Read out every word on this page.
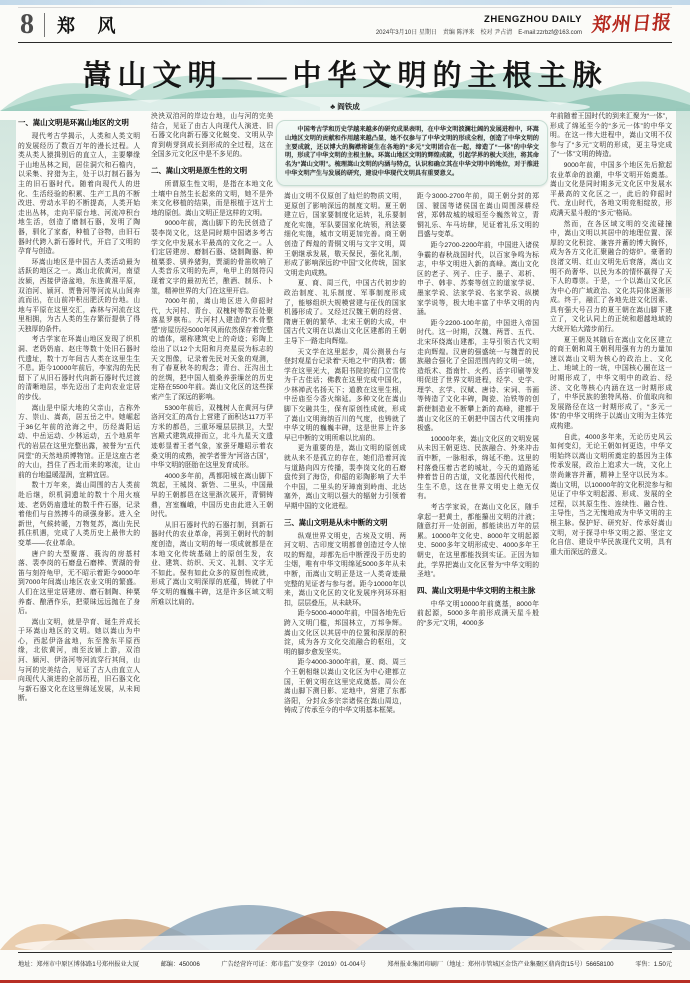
8	郑 风	ZHENGZHOU DAILY
2024年3月10日 星期日　责编 陈泽来　校对 尹占清　E-mail:zzrbzf@163.com 郑州日报
嵩山文明——中华文明的主根主脉
♣ 阎铁成

中国考古学和历史学越来越多的研究成果表明，在中华文明波澜壮阔的发展进程中，环嵩山地区文明的贡献和作用越来越凸显，她不仅参与了中华文明的形成全程，创造了中华文明的主要成就，还以博大的胸襟将诞生在各地的“多元”文明团合在一起，缔造了“一体”的中华文明，形成了中华文明的主根主脉。环嵩山地区文明的辉煌成就，引起学界的极大关注，将其命名为“嵩山文明”。梳理嵩山文明的内涵与特点，认识和确立其在中华文明中的地位，对于推进中华文明产生与发展的研究，建设中华现代文明具有重要意义。

一、嵩山文明是环嵩山地区的文明

现代考古学揭示，人类和人类文明的发展经历了数百万年的漫长过程。人类从类人猿揖别后的直立人，主要攀缘于山地丛林之间，居住洞穴和石檐内，以采集、狩猎为主，处于以打制石器为主的旧石器时代。随着向现代人的进化、生活经验的积累、生产工具的不断改进、劳动水平的不断提高，人类开始走出丛林，走向平原台地、河流冲积台地生活，创造了磨制石器，发明了陶器，驯化了家畜，种植了谷物，由旧石器时代跨入新石器时代，开启了文明的孕育与创造。

环嵩山地区是中国古人类活动最为活跃的地区之一。嵩山北依黄河，南望汝颍，西接伊洛盆地，东连黄淮平原，双洎河、颍河、贾鲁河等河流从山间奔流而出，在山前冲积出肥沃的台地。山地与平原在这里交汇，森林与河流在这里相拥，为古人类的生存繁衍提供了得天独厚的条件。

考古学家在环嵩山地区发现了织机洞、老奶奶庙、赵庄等数十处旧石器时代遗址，数十万年间古人类在这里生生不息。距今10000年前后，李家沟的先民留下了从旧石器时代向新石器时代过渡的清晰地层，率先迈出了走向农业定居的步伐。

嵩山是中原大地的父亲山，古称外方、崇山、嵩高，居五岳之中。她崛起于36亿年前的沧海之中，历经嵩阳运动、中岳运动、少林运动，五个地质年代的岩层在这里完整出露，被誉为“五代同堂”的天然地质博物馆。正是这座古老的大山，挡住了西北而来的寒流，让山前的台地温暖湿润，宜耕宜居。

数十万年来，嵩山周围的古人类前赴后继，织机洞遗址的数十个用火痕迹、老奶奶庙遗址的数千件石器，记录着他们与自然搏斗的顽强身影。进入全新世，气候转暖，万物复苏，嵩山先民抓住机遇，完成了人类历史上最伟大的变革——农业革命。

唐户的大型聚落、莪沟的房基村落、裴李岗的石磨盘石磨棒、贾湖的骨笛与刻符龟甲，无不昭示着距今9000年到7000年间嵩山地区农业文明的繁盛。人们在这里定居建房、磨石制陶、种粟养畜、酿酒作乐，把蒙昧远远抛在了身后。

嵩山文明，就是孕育、诞生并成长于环嵩山地区的文明。她以嵩山为中心，西起伊洛盆地，东至豫东平原西缘，北依黄河，南至汝颍上游，双洎河、颍河、伊洛河等河流穿行其间，山与河的完美结合，见证了古人由直立人向现代人演进的全部历程，旧石器文化与新石器文化在这里绵延发展，从未间断。

泱泱双洎河的岸边台地，山与河的完美结合，见证了由古人向现代人演进、旧石器文化向新石器文化蜕变、文明从孕育到萌芽到成长到形成的全过程，这在全国多元文化区中是不多见的。

二、嵩山文明是原生性的文明

所谓原生性文明，是指在本地文化土壤中自然生长起来的文明，她不是外来文化移植的结果，而是根植于这片土地的原创。嵩山文明正是这样的文明。

9000年前，嵩山脚下的先民创造了裴李岗文化，这是同时期中国诸多考古学文化中发展水平最高的文化之一。人们定居建房、磨制石器、烧制陶器、种植粟黍、驯养猪狗，贾湖的骨笛吹响了人类音乐文明的先声，龟甲上的刻符闪现着文字的最初光芒，酿酒、制乐、卜筮，精神世界的大门在这里开启。

7000年前，嵩山地区进入仰韶时代，大河村、青台、双槐树等数百处聚落星罗棋布。大河村人建造的“木骨整塑”房屋历经5000年风雨依然保存着完整的墙体，堪称建筑史上的奇迹；彩陶上绘出了以12个太阳和月亮星辰为标志的天文图像，记录着先民对天象的观测，有了春夏秋冬的观念；青台、汪沟出土的丝绸，把中国人植桑养蚕缫丝的历史定格在5500年前。嵩山文化区的这些探索产生了深远的影响。

5300年前后，双槐树人在黄河与伊洛河交汇的高台上营建了面积达117万平方米的都邑，三重环壕层层拱卫，大型宫殿式建筑成排而立，北斗九星天文遗迹彰显着王者气象，家蚕牙雕昭示着农桑文明的成熟，被学者誉为“河洛古国”，中华文明的胚胎在这里发育成形。

4000多年前，禹都阳城在嵩山脚下筑起，王城岗、新砦、二里头，中国最早的王朝都邑在这里渐次展开，青铜铸鼎，宫室巍峨，中国历史由此进入王朝时代。

从旧石器时代的石器打制，到新石器时代的农业革命，再到王朝时代的制度创造，嵩山文明的每一项成就都是在本地文化传统基础上的原创生发，农业、建筑、纺织、天文、礼制、文字无不如此。保有如此众多的原创性成就，形成了嵩山文明深厚的底蕴，铸就了中华文明的巍巍丰碑，这是许多区域文明所难以比肩的。

嵩山文明不仅原创了灿烂的物质文明，更原创了影响深远的制度文明。夏王朝建立后，国家要制度化运转，礼乐要制度化实施，军队要国家化统领，刑法要细化实施，城市文明更加完善。商王朝创造了辉煌的青铜文明与文字文明，周王朝继承发展，敬天保民，强化礼制，形成了影响深远的“中国”文化传统，国家文明走向成熟。

夏、商、周三代，中国古代初步的政治制度、礼乐制度、军事制度形成了，能够组织大规模营建与征伐的国家机器形成了。又经过汉魏王朝的经营、隋唐王朝的繁华、北宋王朝的大成，中国古代文明在以嵩山文化区建都的王朝主导下一路走向辉煌。

天文学在这里起步，周公测景台与登封观星台记录着“天地之中”的执着；儒学在这里光大，嵩阳书院的程门立雪传为千古佳话；佛教在这里完成中国化，少林禅武名扬天下；道教在这里生根，中岳庙至今香火绵延。多种文化在嵩山脚下交融共生，保有原创性成就，形成了嵩山文明海纳百川的气度，也铸就了中华文明的巍巍丰碑，这是世界上许多早已中断的文明所难以比肩的。

更为重要的是，嵩山文明的原创成就从来不是孤立的存在，她们沿着河流与道路向四方传播，裴李岗文化的石磨盘传到了海岱，仰韶的彩陶影响了大半个中国，二里头的牙璋南到岭南、北达塞外，嵩山文明以强大的辐射力引领着早期中国的文化进程。

三、嵩山文明是从未中断的文明

纵观世界文明史，古埃及文明、两河文明、古印度文明都曾创造过令人惊叹的辉煌，却都先后中断湮没于历史的尘烟，唯有中华文明绵延5000多年从未中断，而嵩山文明正是这一人类奇迹最完整的见证者与参与者。距今10000年以来，嵩山文化区的文化发展序列环环相扣，层层叠压，从未缺环。

距今5000-4000年前，中国各地先后跨入文明门槛，邦国林立，万邦争辉。嵩山文化区以其居中的位置和深厚的积淀，成为各方文化交流融合的枢纽，文明的脚步愈发坚实。

距今4000-3000年前，夏、商、周三个王朝相继以嵩山文化区为中心建都立国，王朝文明在这里完成奠基。周公在嵩山脚下测日影、定地中，营建了东都洛阳，分封众多宗亲诸侯在嵩山周边，铸成了传承至今的中华文明基本框架。

距今3000-2700年前，周王朝分封的郑国、虢国等诸侯国在嵩山周围深耕经营，郑韩故城的城垣至今巍然耸立，青铜礼乐、车马坊肆，见证着礼乐文明的昌盛与变革。

距今2700-2200年前，中国进入诸侯争霸的春秋战国时代，以百家争鸣为标志，中华文明进入新的高峰。嵩山文化区的老子、列子、庄子、墨子、邓析、申子、韩非、苏秦等创立的道家学说、墨家学说、法家学说、名家学说、纵横家学说等，极大地丰富了中华文明的内涵。

距今2200-100年前，中国进入帝国时代。这一时期，汉魏、两晋、五代、北宋环绕嵩山建都，主导引领古代文明走向辉煌。汉唐的强盛统一与魏晋的民族融合强化了全国范围内的文明一统，造纸术、指南针、火药、活字印刷等发明促进了世界文明进程，经学、史学、理学、玄学、汉赋、唐诗、宋词、书画等铸造了文化丰碑，陶瓷、冶铁等的创新使制造业不断攀上新的高峰，建都于嵩山文化区的王朝把中国古代文明推向极盛。

10000年来，嵩山文化区的文明发展从未因王朝更迭、民族融合、外来冲击而中断，一脉相承，绵延不绝。这里的村落叠压着古老的城址，今天的道路延伸着昔日的古道，文化基因代代相传，生生不息，这在世界文明史上绝无仅有。

考古学家说，在嵩山文化区，随手拿起一把黄土，都能攥出文明的汁液；随意打开一处剖面，都能读出万年的层累。10000年文化史、8000年文明起源史、5000多年文明形成史、4000多年王朝史，在这里都能找到实证。正因为如此，学界把嵩山文化区誉为“中华文明的圣地”。

四、嵩山文明是中华文明的主根主脉

中华文明10000年前奠基，8000年前起源，5000多年前形成满天星斗般的“多元”文明，4000多

年前随着王国时代的到来汇聚为“一体”，形成了绵延至今的“多元一体”的中华文明。在这一伟大进程中，嵩山文明不仅参与了“多元”文明的形成，更主导完成了“一体”文明的铸造。

9000年前，中国多个地区先后掀起农业革命的浪潮，中华文明开始奠基。嵩山文化是同时期多元文化区中发展水平最高的文化区之一，此后的仰韶时代、龙山时代，各地文明竞相绽放，形成满天星斗般的“多元”格局。

然而，在各区域文明的交流碰撞中，嵩山文明以其居中的地理位置、深厚的文化积淀、兼容并蓄的博大胸怀，成为各方文化汇聚融合的熔炉。豪奢的良渚文明、红山文明先后衰落，嵩山文明不尚奢华、以民为本的情怀赢得了天下人的尊崇。于是，一个以嵩山文化区为中心的广域政治、文化共同体逐渐形成。终于，融汇了各地先进文化因素、具有强大号召力的夏王朝在嵩山脚下建立了，文化认同上的正统和超越地域的大统开始大踏步前行。

夏王朝及其随后在嵩山文化区建立的商王朝和周王朝利用强有力的力量加速以嵩山文明为核心的政治上、文化上、地域上的一统，中国核心圈在这一时期形成了，中华文明中的政治、经济、文化等核心内涵在这一时期形成了，中华民族的独特风格、价值取向和发展路径在这一时期形成了，“多元一体”的中华文明终于以嵩山文明为主体完成构建。

自此，4000多年来，无论历史风云如何变幻，无论王朝如何更迭，中华文明始终以嵩山文明所奠定的基因为主体传承发展，政治上追求大一统，文化上崇尚兼容并蓄，精神上坚守以民为本。嵩山文明，以10000年的文化积淀参与和见证了中华文明起源、形成、发展的全过程，以其原生性、连续性、融合性、主导性，当之无愧地成为中华文明的主根主脉。保护好、研究好、传承好嵩山文明，对于探寻中华文明之源、坚定文化自信、建设中华民族现代文明，具有重大而深远的意义。

地址：郑州市中原区博体路1号郑州报业大厦	邮编：450006	广告经营许可证：郑市监广发登字（2019）01-004号	郑州报业集团印刷厂（地址：郑州市管城区金岱产业集聚区鼎尚街15号）56658100	零售：1.50元
